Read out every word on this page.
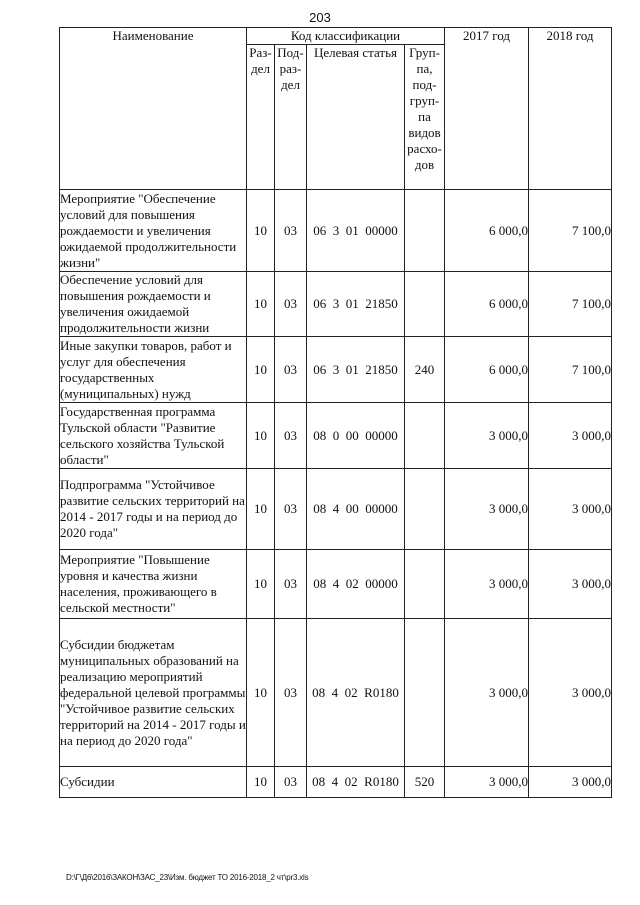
203
Наименование	Код классификации				2017 год	2018 год
	Раз- дел	Под- раз- дел	Целевая статья	Груп- па, под- груп- па видов расхо- дов		
Мероприятие "Обеспечение условий для повышения рождаемости и увеличения ожидаемой продолжительности жизни"	10	03	06  3  01  00000		6 000,0	7 100,0
Обеспечение условий для повышения рождаемости и увеличения ожидаемой продолжительности жизни	10	03	06  3  01  21850		6 000,0	7 100,0
Иные закупки товаров, работ и услуг для обеспечения государственных (муниципальных) нужд	10	03	06  3  01  21850	240	6 000,0	7 100,0
Государственная программа Тульской области "Развитие сельского хозяйства Тульской области"	10	03	08  0  00  00000		3 000,0	3 000,0
Подпрограмма "Устойчивое развитие сельских территорий на 2014 - 2017 годы и на период до 2020 года"	10	03	08  4  00  00000		3 000,0	3 000,0
Мероприятие "Повышение уровня и качества жизни населения, проживающего в сельской местности"	10	03	08  4  02  00000		3 000,0	3 000,0
Субсидии бюджетам муниципальных образований на реализацию мероприятий федеральной целевой программы "Устойчивое развитие сельских территорий на 2014 - 2017 годы и на период до 2020 года"	10	03	08  4  02  R0180		3 000,0	3 000,0
Субсидии	10	03	08  4  02  R0180	520	3 000,0	3 000,0
D:\Г\Д6\2016\ЗАКОН\ЗАС_23\Изм. бюджет ТО 2016-2018_2 чт\pr3.xls
